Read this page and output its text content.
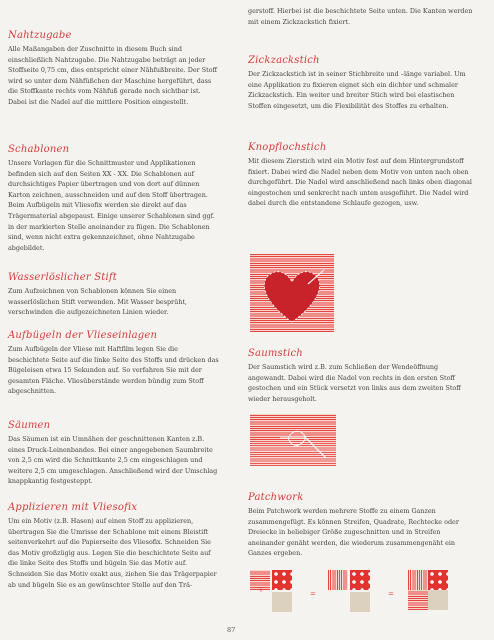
Nahtzugabe

Alle Maßangaben der Zuschnitte in diesem Buch sind einschließlich Nahtzugabe. Die Nahtzugabe beträgt an jeder Stoffseite 0,75 cm, dies entspricht einer Nähfußbreite. Der Stoff wird so unter dem Nähfüßchen der Maschine hergeführt, dass die Stoffkante rechts vom Nähfuß gerade noch sichtbar ist. Dabei ist die Nadel auf die mittlere Position eingestellt.

Schablonen

Unsere Vorlagen für die Schnittmuster und Applikationen befinden sich auf den Seiten XX - XX. Die Schablonen auf durchsichtiges Papier übertragen und von dort auf dünnen Karton zeichnen, ausschneiden und auf den Stoff übertragen. Beim Aufbügeln mit Vliesofix werden sie direkt auf das Trägermaterial abgepaust. Einige unserer Schablonen sind ggf. in der markierten Stelle aneinander zu fügen. Die Schablonen sind, wenn nicht extra gekennzeichnet, ohne Nahtzugabe abgebildet.

Wasserlöslicher Stift

Zum Aufzeichnen von Schablonen können Sie einen wasserlöslichen Stift verwenden. Mit Wasser besprüht, verschwinden die aufgezeichneten Linien wieder.

Aufbügeln der Vlieseinlagen

Zum Aufbügeln der Vliese mit Haftfilm legen Sie die beschichtete Seite auf die linke Seite des Stoffs und drücken das Bügeleisen etwa 15 Sekunden auf. So verfahren Sie mit der gesamten Fläche. Vliesüberstände werden bündig zum Stoff abgeschnitten.

Säumen

Das Säumen ist ein Umnähen der geschnittenen Kanten z.B. eines Druck-Leinenbandes. Bei einer angegebenen Saumbreite von 2,5 cm wird die Schnittkante 2,5 cm eingeschlagen und weitere 2,5 cm umgeschlagen. Anschließend wird der Umschlag knappkantig festgesteppt.

Applizieren mit Vliesofix

Um ein Motiv (z.B. Hasen) auf einen Stoff zu applizieren, übertragen Sie die Umrisse der Schablone mit einem Bleistift seitenverkehrt auf die Papierseite des Vliesofix. Schneiden Sie das Motiv großzügig aus. Legen Sie die beschichtete Seite auf die linke Seite des Stoffs und bügeln Sie das Motiv auf. Schneiden Sie das Motiv exakt aus, ziehen Sie das Trägerpapier ab und bügeln Sie es an gewünschter Stelle auf den Trä-

gerstoff. Hierbei ist die beschichtete Seite unten. Die Kanten werden mit einem Zickzackstich fixiert.

Zickzackstich

Der Zickzackstich ist in seiner Stichbreite und –länge variabel. Um eine Applikation zu fixieren eignet sich ein dichter und schmaler Zickzackstich. Ein weiter und breiter Stich wird bei elastischen Stoffen eingesetzt, um die Flexibilität des Stoffes zu erhalten.

Knopflochstich

Mit diesem Zierstich wird ein Motiv fest auf dem Hintergrundstoff fixiert. Dabei wird die Nadel neben dem Motiv von unten nach oben durchgeführt. Die Nadel wird anschließend nach links oben diagonal eingestochen und senkrecht nach unten ausgeführt. Die Nadel wird dabei durch die entstandene Schlaufe gezogen, usw.

Saumstich

Der Saumstich wird z.B. zum Schließen der Wendeöffnung angewandt. Dabei wird die Nadel von rechts in den ersten Stoff gestochen und ein Stück versetzt von links aus dem zweiten Stoff wieder herausgeholt.

Patchwork

Beim Patchwork werden mehrere Stoffe zu einem Ganzen zusammengefügt. Es können Streifen, Quadrate, Rechtecke oder Dreiecke in beliebiger Größe zugeschnitten und in Streifen aneinander genäht werden, die wiederum zusammengenäht ein Ganzes ergeben.

+ +
=
+
=
87
